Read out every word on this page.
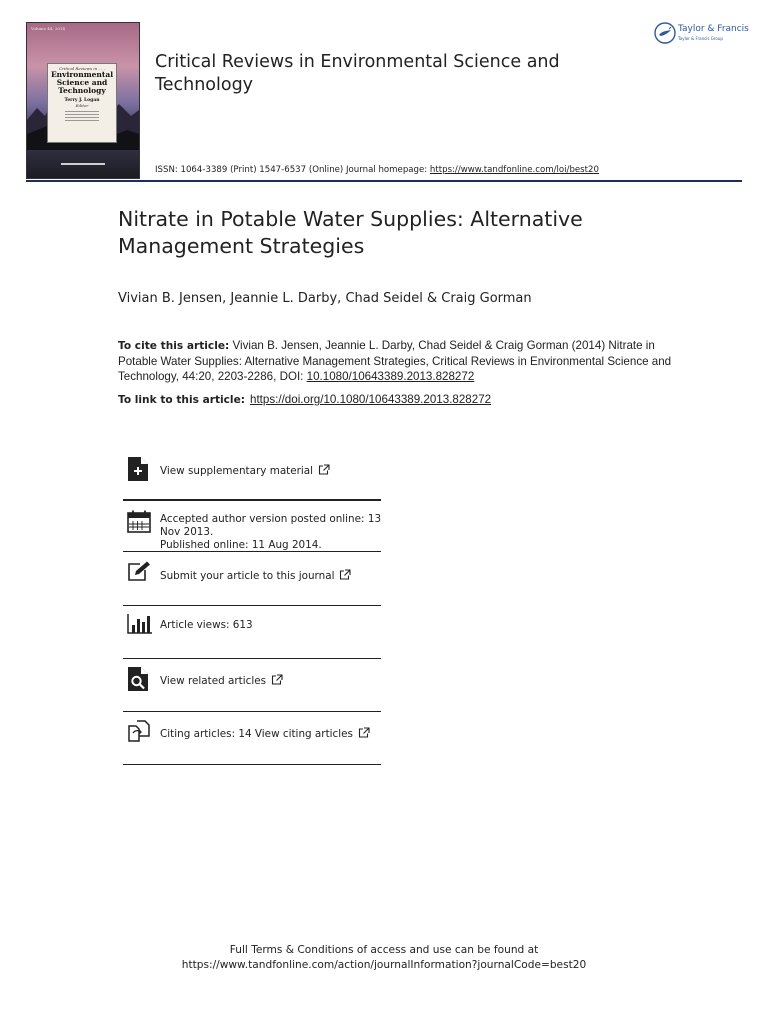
Volume 44, 2014
Critical Reviews in . . .
Environmental
Science and
Technology
Terry J. Logan
Editor
Critical Reviews in Environmental Science and Technology
ISSN: 1064-3389 (Print) 1547-6537 (Online) Journal homepage: https://www.tandfonline.com/loi/best20
Taylor & Francis
Taylor & Francis Group
Nitrate in Potable Water Supplies: Alternative Management Strategies
Vivian B. Jensen, Jeannie L. Darby, Chad Seidel & Craig Gorman
To cite this article: Vivian B. Jensen, Jeannie L. Darby, Chad Seidel & Craig Gorman (2014) Nitrate in Potable Water Supplies: Alternative Management Strategies, Critical Reviews in Environmental Science and Technology, 44:20, 2203-2286, DOI: 10.1080/10643389.2013.828272
To link to this article: https://doi.org/10.1080/10643389.2013.828272
View supplementary material
Accepted author version posted online: 13 Nov 2013.
Published online: 11 Aug 2014.
Submit your article to this journal
Article views: 613
View related articles
Citing articles: 14 View citing articles
Full Terms & Conditions of access and use can be found at
https://www.tandfonline.com/action/journalInformation?journalCode=best20
